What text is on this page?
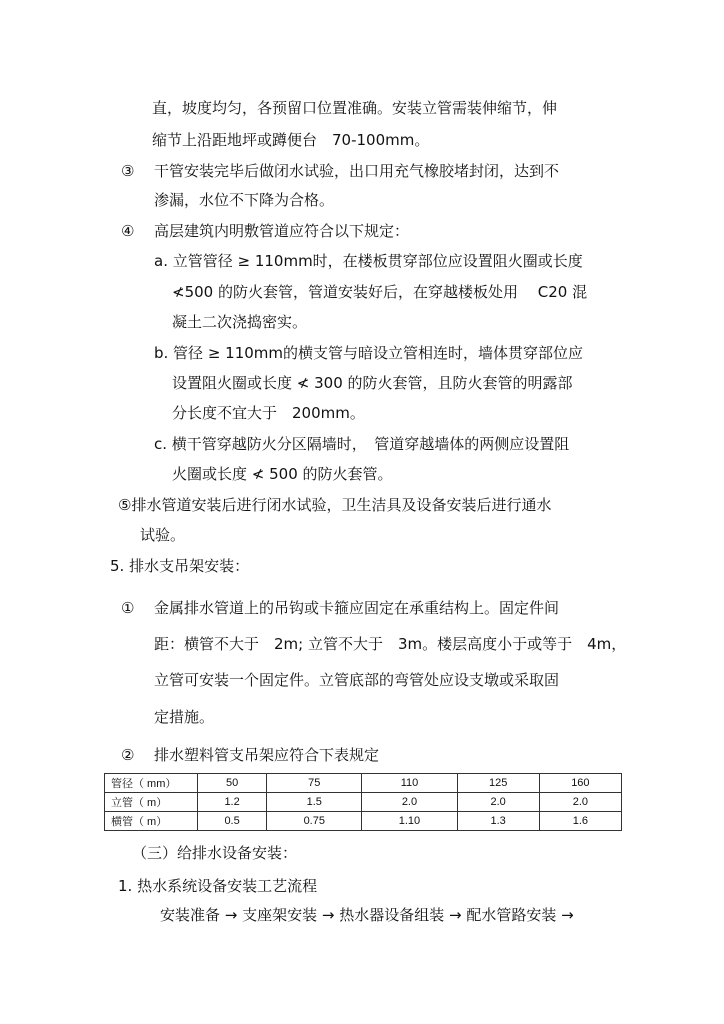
直，坡度均匀，各预留口位置准确。安装立管需装伸缩节，伸
缩节上沿距地坪或蹲便台　70-100mm。
③ 干管安装完毕后做闭水试验，出口用充气橡胶堵封闭，达到不
渗漏，水位不下降为合格。
④ 高层建筑内明敷管道应符合以下规定：
a. 立管管径 ≥ 110mm时，在楼板贯穿部位应设置阻火圈或长度
≮500 的防火套管，管道安装好后，在穿越楼板处用　 C20 混
凝土二次浇捣密实。
b. 管径 ≥ 110mm的横支管与暗设立管相连时，墙体贯穿部位应
设置阻火圈或长度 ≮ 300 的防火套管，且防火套管的明露部
分长度不宜大于　200mm。
c. 横干管穿越防火分区隔墙时，　管道穿越墙体的两侧应设置阻
火圈或长度 ≮ 500 的防火套管。
⑤排水管道安装后进行闭水试验，卫生洁具及设备安装后进行通水
试验。
5. 排水支吊架安装：
① 金属排水管道上的吊钩或卡箍应固定在承重结构上。固定件间
距：横管不大于　2m; 立管不大于　3m。楼层高度小于或等于　4m，
立管可安装一个固定件。立管底部的弯管处应设支墩或采取固
定措施。
② 排水塑料管支吊架应符合下表规定
管径（ mm）	50	75	110	125	160
立管（ m）	1.2	1.5	2.0	2.0	2.0
横管（ m）	0.5	0.75	1.10	1.3	1.6
（三）给排水设备安装：
1. 热水系统设备安装工艺流程
安装准备 → 支座架安装 → 热水器设备组装 → 配水管路安装 →
